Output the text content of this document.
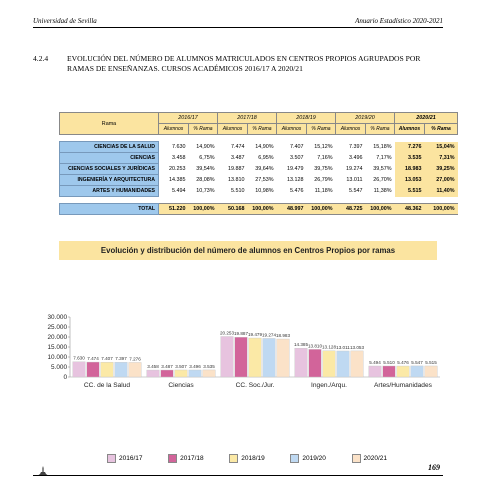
Universidad de Sevilla	Anuario Estadístico 2020-2021
4.2.4 EVOLUCIÓN DEL NÚMERO DE ALUMNOS MATRICULADOS EN CENTROS PROPIOS AGRUPADOS POR RAMAS DE ENSEÑANZAS. CURSOS ACADÉMICOS 2016/17 A 2020/21
Rama	2016/17		2017/18		2018/19		2019/20		2020/21	
	Alumnos	% Rama	Alumnos	% Rama	Alumnos	% Rama	Alumnos	% Rama	Alumnos	% Rama

CIENCIAS DE LA SALUD	7.630	14,90%	7.474	14,90%	7.407	15,12%	7.397	15,18%	7.276	15,04%
CIENCIAS	3.458	6,75%	3.487	6,95%	3.507	7,16%	3.496	7,17%	3.535	7,31%
CIENCIAS SOCIALES Y JURÍDICAS	20.253	39,54%	19.887	39,64%	19.479	39,75%	19.274	39,57%	18.983	39,25%
INGENIERÍA Y ARQUITECTURA	14.385	28,08%	13.810	27,53%	13.128	26,79%	13.011	26,70%	13.053	27,00%
ARTES Y HUMANIDADES	5.494	10,73%	5.510	10,98%	5.476	11,18%	5.547	11,38%	5.515	11,40%

TOTAL	51.220	100,00%	50.168	100,00%	48.997	100,00%	48.725	100,00%	48.362	100,00%
Evolución y distribución del número de alumnos en Centros Propios por ramas
0
5.000
10.000
15.000
20.000
25.000
30.000
7.630 7.474 7.407 7.397 7.276
CC. de la Salud
3.458 3.487 3.507 3.496 3.535
Ciencias
20.253 19.887 19.479 19.274 18.983
CC. Soc./Jur.
14.385 13.810 13.128 13.011 13.053
Ingen./Arqu.
5.494 5.510 5.476 5.547 5.515
Artes/Humanidades
2016/17	2017/18	2018/19	2019/20	2020/21
169
